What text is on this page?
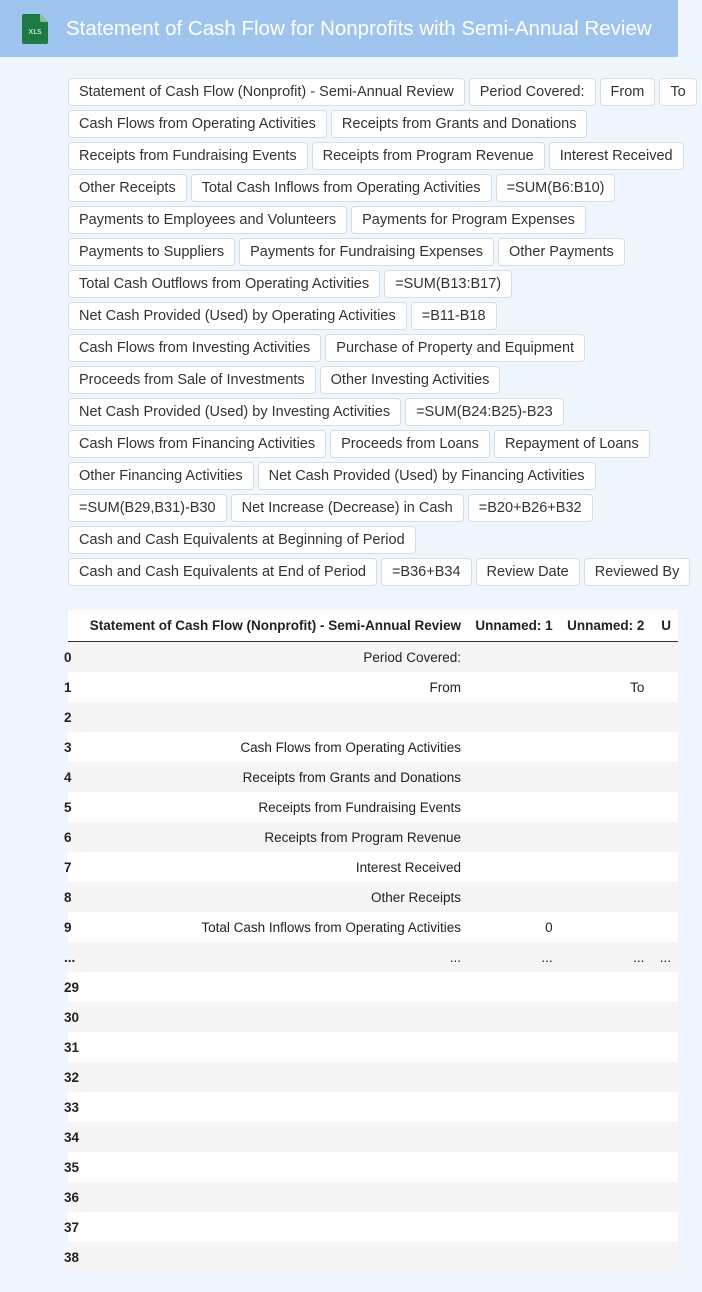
XLS Statement of Cash Flow for Nonprofits with Semi-Annual Review
Statement of Cash Flow (Nonprofit) - Semi-Annual Review	Period Covered:	From	To
Cash Flows from Operating Activities	Receipts from Grants and Donations
Receipts from Fundraising Events	Receipts from Program Revenue	Interest Received
Other Receipts	Total Cash Inflows from Operating Activities	=SUM(B6:B10)
Payments to Employees and Volunteers	Payments for Program Expenses
Payments to Suppliers	Payments for Fundraising Expenses	Other Payments
Total Cash Outflows from Operating Activities	=SUM(B13:B17)
Net Cash Provided (Used) by Operating Activities	=B11-B18
Cash Flows from Investing Activities	Purchase of Property and Equipment
Proceeds from Sale of Investments	Other Investing Activities
Net Cash Provided (Used) by Investing Activities	=SUM(B24:B25)-B23
Cash Flows from Financing Activities	Proceeds from Loans	Repayment of Loans
Other Financing Activities	Net Cash Provided (Used) by Financing Activities
=SUM(B29,B31)-B30	Net Increase (Decrease) in Cash	=B20+B26+B32
Cash and Cash Equivalents at Beginning of Period
Cash and Cash Equivalents at End of Period	=B36+B34	Review Date	Reviewed By
	Statement of Cash Flow (Nonprofit) - Semi-Annual Review	Unnamed: 1	Unnamed: 2	U

0	Period Covered:			

1	From		To	

2				

3	Cash Flows from Operating Activities			

4	Receipts from Grants and Donations			

5	Receipts from Fundraising Events			

6	Receipts from Program Revenue			

7	Interest Received			

8	Other Receipts			

9	Total Cash Inflows from Operating Activities	0		

...	...	...	...	...

29				

30				

31				

32				

33				

34				

35				

36				

37				

38				
